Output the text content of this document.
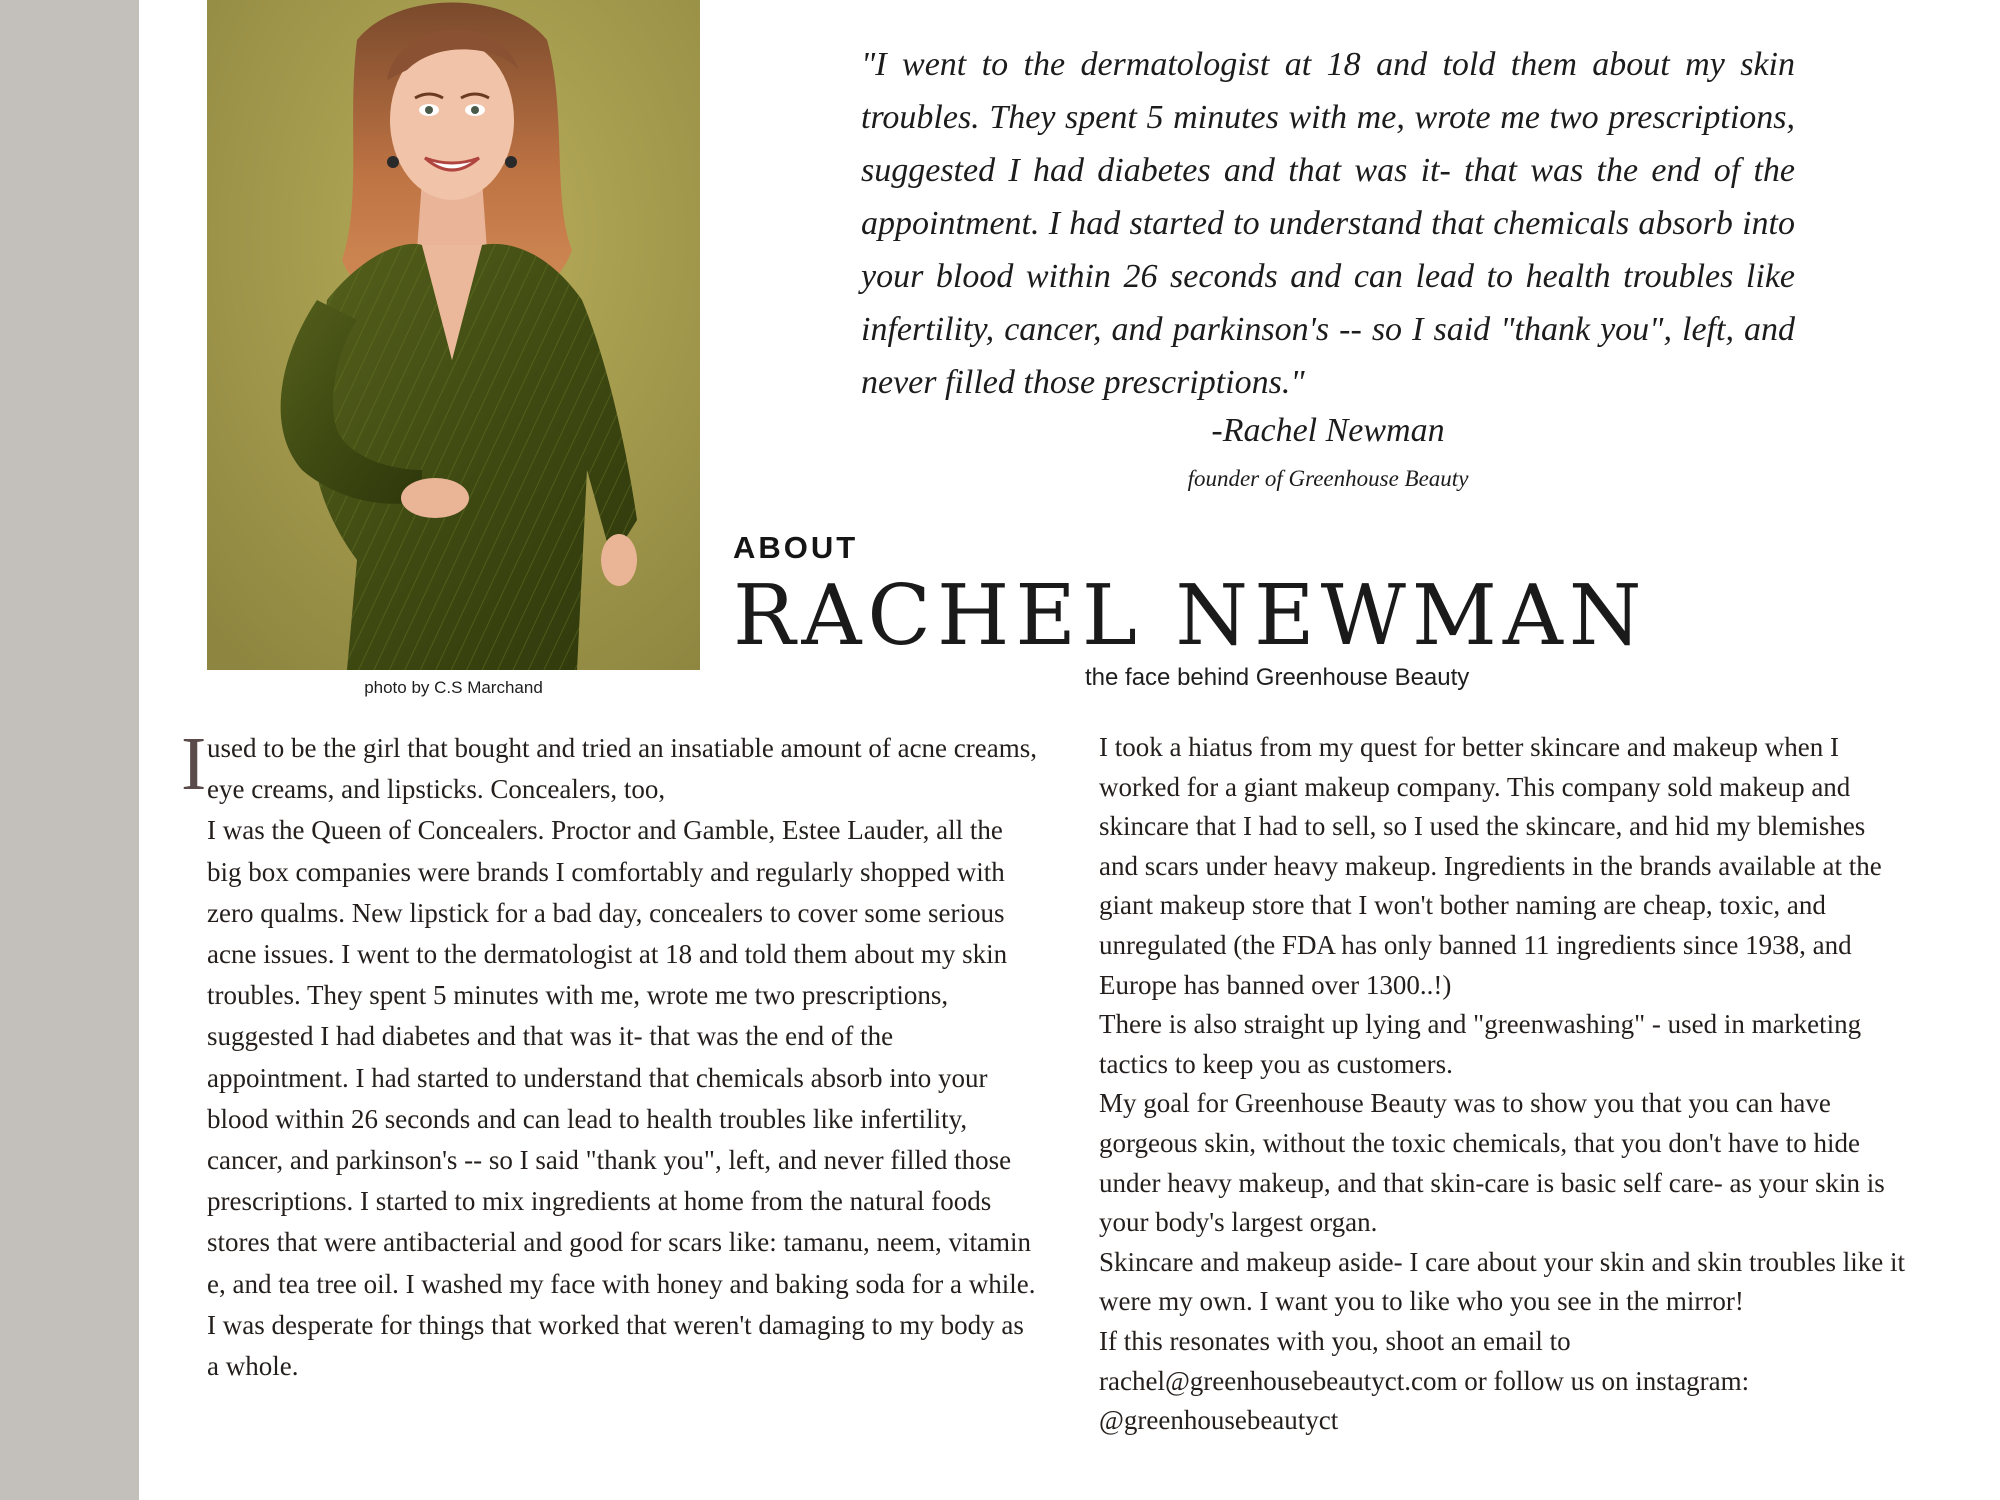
photo by C.S Marchand

"I went to the dermatologist at 18 and told them about my skin troubles. They spent 5 minutes with me, wrote me two prescriptions, suggested I had diabetes and that was it- that was the end of the appointment. I had started to understand that chemicals absorb into your blood within 26 seconds and can lead to health troubles like infertility, cancer, and parkinson's -- so I said "thank you", left, and never filled those prescriptions."

-Rachel Newman
founder of Greenhouse Beauty
ABOUT
RACHEL NEWMAN
the face behind Greenhouse Beauty
I used to be the girl that bought and tried an insatiable amount of acne creams, eye creams, and lipsticks. Concealers, too,
I was the Queen of Concealers. Proctor and Gamble, Estee Lauder, all the big box companies were brands I comfortably and regularly shopped with zero qualms. New lipstick for a bad day, concealers to cover some serious acne issues. I went to the dermatologist at 18 and told them about my skin troubles. They spent 5 minutes with me, wrote me two prescriptions, suggested I had diabetes and that was it- that was the end of the appointment. I had started to understand that chemicals absorb into your blood within 26 seconds and can lead to health troubles like infertility, cancer, and parkinson's -- so I said "thank you", left, and never filled those prescriptions. I started to mix ingredients at home from the natural foods stores that were antibacterial and good for scars like: tamanu, neem, vitamin e, and tea tree oil. I washed my face with honey and baking soda for a while. I was desperate for things that worked that weren't damaging to my body as a whole.
I took a hiatus from my quest for better skincare and makeup when I worked for a giant makeup company. This company sold makeup and skincare that I had to sell, so I used the skincare, and hid my blemishes and scars under heavy makeup. Ingredients in the brands available at the giant makeup store that I won't bother naming are cheap, toxic, and unregulated (the FDA has only banned 11 ingredients since 1938, and Europe has banned over 1300..!)
There is also straight up lying and "greenwashing" - used in marketing tactics to keep you as customers.
My goal for Greenhouse Beauty was to show you that you can have gorgeous skin, without the toxic chemicals, that you don't have to hide under heavy makeup, and that skin-care is basic self care- as your skin is your body's largest organ.
Skincare and makeup aside- I care about your skin and skin troubles like it were my own. I want you to like who you see in the mirror!
If this resonates with you, shoot an email to rachel@greenhousebeautyct.com or follow us on instagram: @greenhousebeautyct
